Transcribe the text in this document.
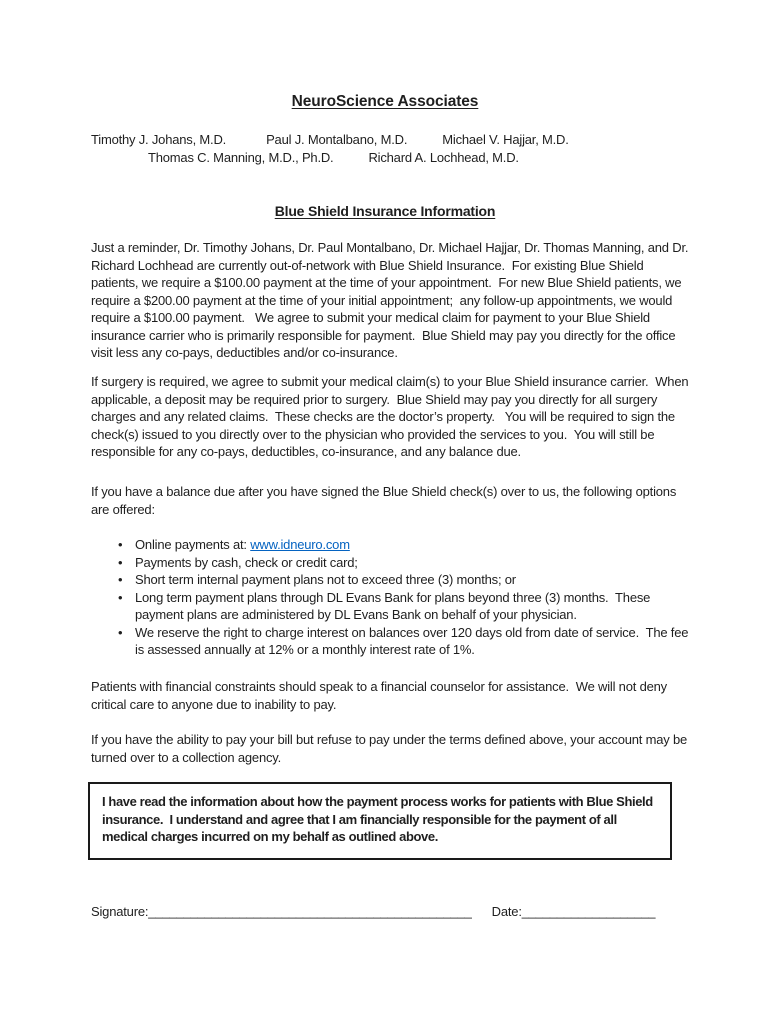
NeuroScience Associates
Timothy J. Johans, M.D.	Paul J. Montalbano, M.D.	Michael V. Hajjar, M.D.
Thomas C. Manning, M.D., Ph.D.	Richard A. Lochhead, M.D.
Blue Shield Insurance Information

Just a reminder, Dr. Timothy Johans, Dr. Paul Montalbano, Dr. Michael Hajjar, Dr. Thomas Manning, and Dr. Richard Lochhead are currently out-of-network with Blue Shield Insurance.  For existing Blue Shield patients, we require a $100.00 payment at the time of your appointment.  For new Blue Shield patients, we require a $200.00 payment at the time of your initial appointment;  any follow-up appointments, we would require a $100.00 payment.   We agree to submit your medical claim for payment to your Blue Shield insurance carrier who is primarily responsible for payment.  Blue Shield may pay you directly for the office visit less any co-pays, deductibles and/or co-insurance.

If surgery is required, we agree to submit your medical claim(s) to your Blue Shield insurance carrier.  When applicable, a deposit may be required prior to surgery.  Blue Shield may pay you directly for all surgery charges and any related claims.  These checks are the doctor’s property.   You will be required to sign the check(s) issued to you directly over to the physician who provided the services to you.  You will still be responsible for any co-pays, deductibles, co-insurance, and any balance due.

If you have a balance due after you have signed the Blue Shield check(s) over to us, the following options are offered:

• Online payments at: www.idneuro.com
• Payments by cash, check or credit card;
• Short term internal payment plans not to exceed three (3) months; or
• Long term payment plans through DL Evans Bank for plans beyond three (3) months.  These payment plans are administered by DL Evans Bank on behalf of your physician.
• We reserve the right to charge interest on balances over 120 days old from date of service.  The fee is assessed annually at 12% or a monthly interest rate of 1%.

Patients with financial constraints should speak to a financial counselor for assistance.  We will not deny critical care to anyone due to inability to pay.

If you have the ability to pay your bill but refuse to pay under the terms defined above, your account may be turned over to a collection agency.

I have read the information about how the payment process works for patients with Blue Shield insurance.  I understand and agree that I am financially responsible for the payment of all medical charges incurred on my behalf as outlined above.

Signature: ______________________________________________ Date: ___________________
